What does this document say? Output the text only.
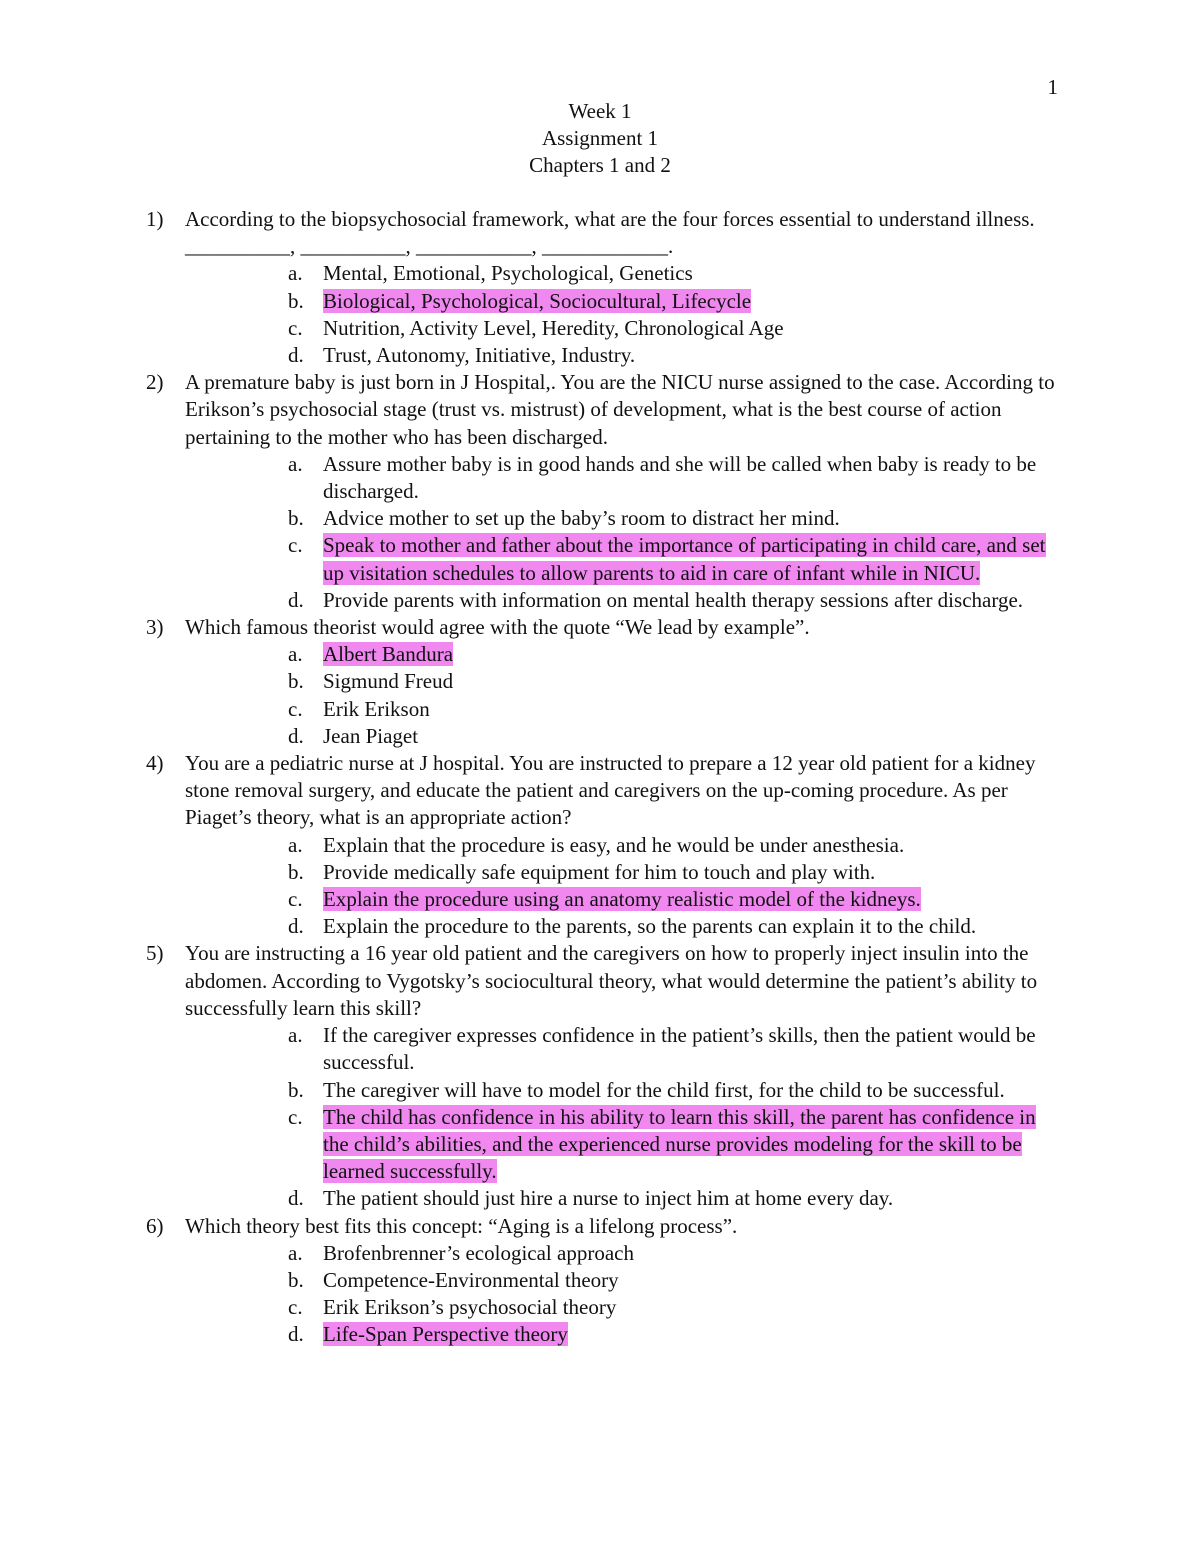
1
Week 1
Assignment 1
Chapters 1 and 2
1) According to the biopsychosocial framework, what are the four forces essential to understand illness. __________, __________, ___________, ____________.
a. Mental, Emotional, Psychological, Genetics
b. Biological, Psychological, Sociocultural, Lifecycle
c. Nutrition, Activity Level, Heredity, Chronological Age
d. Trust, Autonomy, Initiative, Industry.
2) A premature baby is just born in J Hospital,. You are the NICU nurse assigned to the case. According to Erikson’s psychosocial stage (trust vs. mistrust) of development, what is the best course of action pertaining to the mother who has been discharged.
a. Assure mother baby is in good hands and she will be called when baby is ready to be discharged.
b. Advice mother to set up the baby’s room to distract her mind.
c. Speak to mother and father about the importance of participating in child care, and set up visitation schedules to allow parents to aid in care of infant while in NICU.
d. Provide parents with information on mental health therapy sessions after discharge.
3) Which famous theorist would agree with the quote “We lead by example”.
a. Albert Bandura
b. Sigmund Freud
c. Erik Erikson
d. Jean Piaget
4) You are a pediatric nurse at J hospital. You are instructed to prepare a 12 year old patient for a kidney stone removal surgery, and educate the patient and caregivers on the up-coming procedure. As per Piaget’s theory, what is an appropriate action?
a. Explain that the procedure is easy, and he would be under anesthesia.
b. Provide medically safe equipment for him to touch and play with.
c. Explain the procedure using an anatomy realistic model of the kidneys.
d. Explain the procedure to the parents, so the parents can explain it to the child.
5) You are instructing a 16 year old patient and the caregivers on how to properly inject insulin into the abdomen. According to Vygotsky’s sociocultural theory, what would determine the patient’s ability to successfully learn this skill?
a. If the caregiver expresses confidence in the patient’s skills, then the patient would be successful.
b. The caregiver will have to model for the child first, for the child to be successful.
c. The child has confidence in his ability to learn this skill, the parent has confidence in the child’s abilities, and the experienced nurse provides modeling for the skill to be learned successfully.
d. The patient should just hire a nurse to inject him at home every day.
6) Which theory best fits this concept: “Aging is a lifelong process”.
a. Brofenbrenner’s ecological approach
b. Competence-Environmental theory
c. Erik Erikson’s psychosocial theory
d. Life-Span Perspective theory
